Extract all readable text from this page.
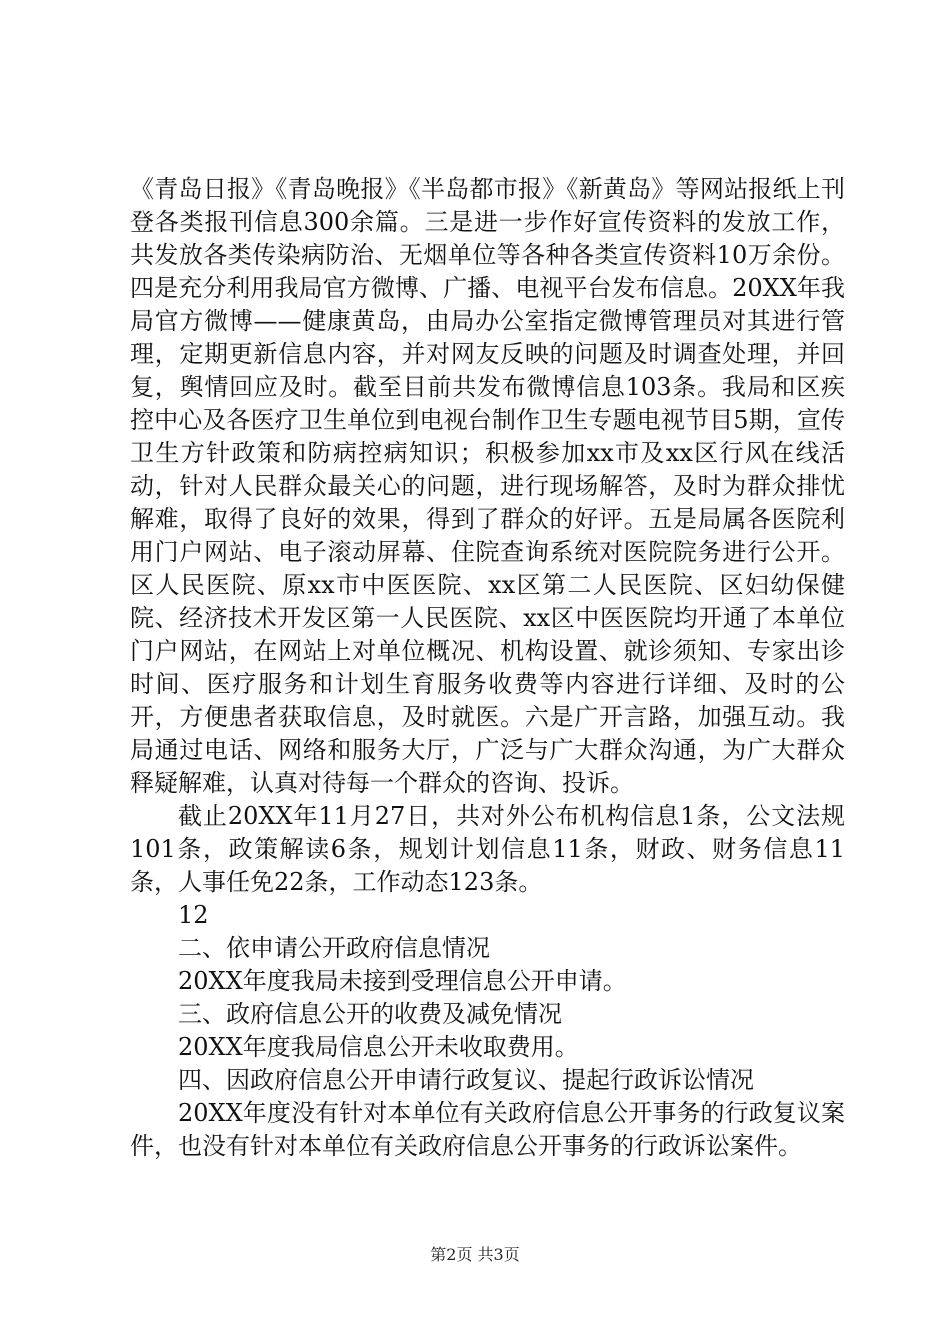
《青岛日报》《青岛晚报》《半岛都市报》《新黄岛》等网站报纸上刊登各类报刊信息300余篇。三是进一步作好宣传资料的发放工作，共发放各类传染病防治、无烟单位等各种各类宣传资料10万余份。四是充分利用我局官方微博、广播、电视平台发布信息。20XX年我局官方微博——健康黄岛，由局办公室指定微博管理员对其进行管理，定期更新信息内容，并对网友反映的问题及时调查处理，并回复，舆情回应及时。截至目前共发布微博信息103条。我局和区疾控中心及各医疗卫生单位到电视台制作卫生专题电视节目5期，宣传卫生方针政策和防病控病知识；积极参加xx市及xx区行风在线活动，针对人民群众最关心的问题，进行现场解答，及时为群众排忧解难，取得了良好的效果，得到了群众的好评。五是局属各医院利用门户网站、电子滚动屏幕、住院查询系统对医院院务进行公开。区人民医院、原xx市中医医院、xx区第二人民医院、区妇幼保健院、经济技术开发区第一人民医院、xx区中医医院均开通了本单位门户网站，在网站上对单位概况、机构设置、就诊须知、专家出诊时间、医疗服务和计划生育服务收费等内容进行详细、及时的公开，方便患者获取信息，及时就医。六是广开言路，加强互动。我局通过电话、网络和服务大厅，广泛与广大群众沟通，为广大群众释疑解难，认真对待每一个群众的咨询、投诉。

截止20XX年11月27日，共对外公布机构信息1条，公文法规101条，政策解读6条，规划计划信息11条，财政、财务信息11条，人事任免22条，工作动态123条。

12

二、依申请公开政府信息情况

20XX年度我局未接到受理信息公开申请。

三、政府信息公开的收费及减免情况

20XX年度我局信息公开未收取费用。

四、因政府信息公开申请行政复议、提起行政诉讼情况

20XX年度没有针对本单位有关政府信息公开事务的行政复议案件，也没有针对本单位有关政府信息公开事务的行政诉讼案件。

第2页 共3页
